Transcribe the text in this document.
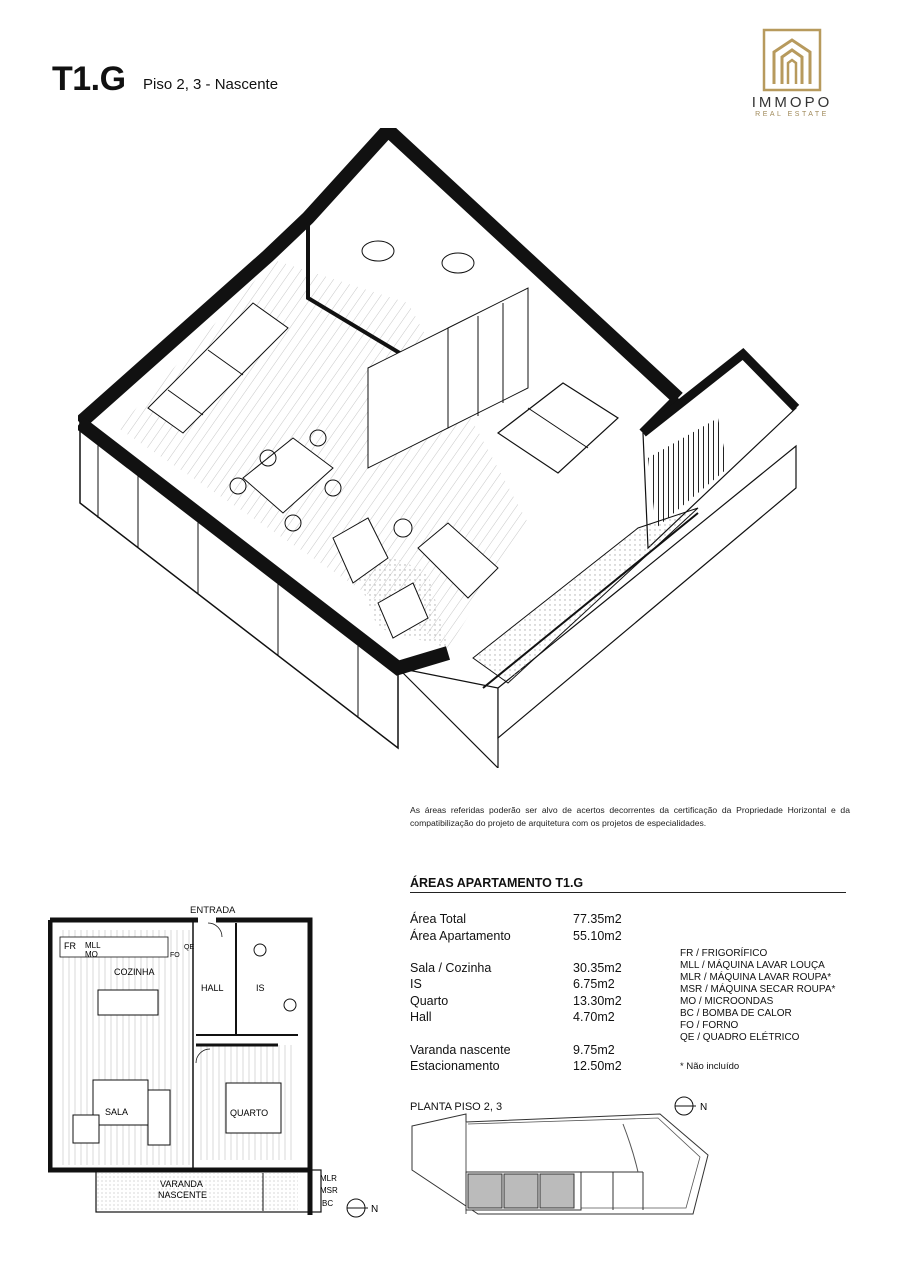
T1.G Piso 2, 3 - Nascente
IMMOPO
REAL ESTATE
As áreas referidas poderão ser alvo de acertos decorrentes da certificação da Propriedade Horizontal e da compatibilização do projeto de arquitetura com os projetos de especialidades.
ÁREAS APARTAMENTO T1.G
Área Total	77.35m2
Área Apartamento	55.10m2
Sala / Cozinha	30.35m2
IS	6.75m2
Quarto	13.30m2
Hall	4.70m2
Varanda nascente	9.75m2
Estacionamento	12.50m2
FR / FRIGORÍFICO
MLL / MÁQUINA LAVAR LOUÇA
MLR / MÁQUINA LAVAR ROUPA*
MSR / MÁQUINA SECAR ROUPA*
MO / MICROONDAS
BC / BOMBA DE CALOR
FO / FORNO
QE / QUADRO ELÉTRICO
* Não incluído
PLANTA PISO 2, 3	N
ENTRADA
FR MLL
MO
QE
FO
COZINHA
HALL	IS
SALA	QUARTO
VARANDA
NASCENTE
MLR
MSR
BC
N
